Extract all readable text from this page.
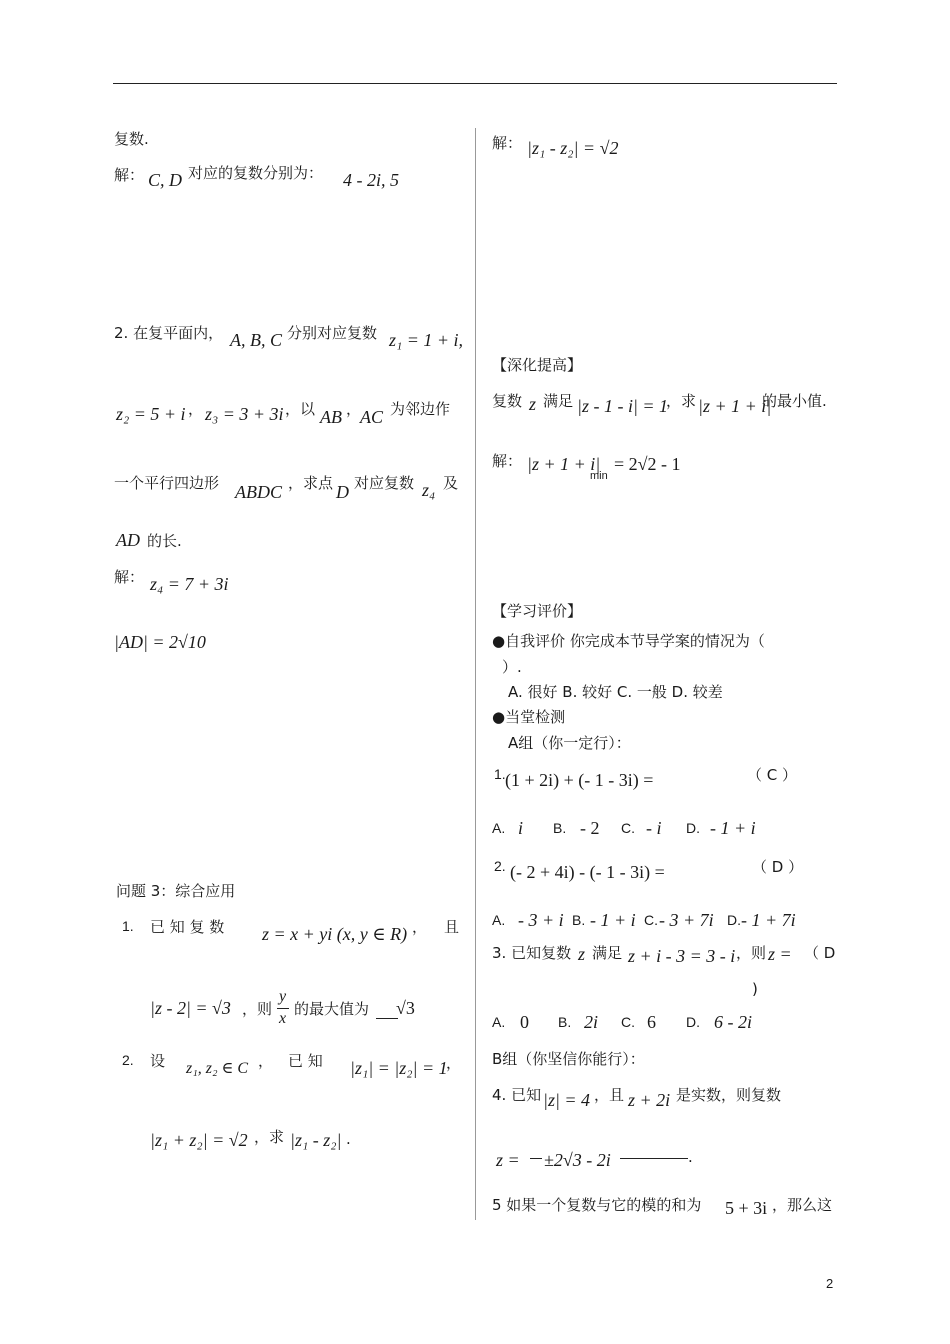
复数.
解： C, D 对应的复数分别为： 4 - 2i, 5
2. 在复平面内， A, B, C 分别对应复数 z₁ = 1 + i,
z₂ = 5 + i ， z₃ = 3 + 3i ，以 AB ，
AC 为邻边作
一个平行四边形 ABDC ，求点 D 对应复数 z₄ 及
AD 的长.
解： z₄ = 7 + 3i
|AD| = 2√10
问题 3：综合应用
1. 已 知 复 数 z = x + yi (x, y ∈ R) ， 且
|z - 2| = √3 ，则
y
x
的最大值为 √3
2. 设 z₁, z₂ ∈ C ， 已 知 |z₁| = |z₂| = 1
，
|z₁ + z₂| = √2 ，求 |z₁ - z₂| .
解： |z₁ - z₂| = √2
【深化提高】
复数 z 满足 |z - 1 - i| = 1
，求 |z + 1 + i|
的最小值.
解： |z + 1 + i|
min
= 2√2 - 1
【学习评价】
●自我评价 你完成本节导学案的情况为（
）.
A. 很好 B. 较好 C. 一般 D. 较差
●当堂检测
A组（你一定行）：
1. (1 + 2i) + (- 1 - 3i) =	（ C ）
A. i B. - 2 C. - i D. - 1 + i
2. (- 2 + 4i) - (- 1 - 3i) =	（ D ）
A. - 3 + i B. - 1 + i C. - 3 + 7i D. - 1 + 7i
3. 已知复数 z 满足 z + i - 3 = 3 - i ，则 z = （ D
)
A. 0 B. 2i C. 6 D. 6 - 2i
B组（你坚信你能行）：
4. 已知 |z| = 4 ，且 z + 2i 是实数，则复数
z = ±2√3 - 2i	.
5 如果一个复数与它的模的和为 5 + 3i ，那么这
2
